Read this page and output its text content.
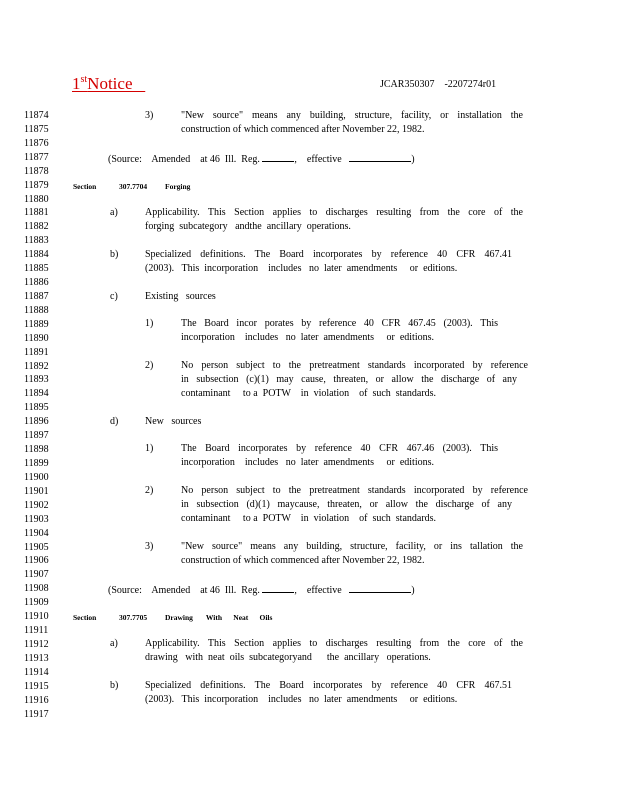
1stNotice	JCAR350307    -2207274r01
11874
11875
11876
11877
11878
11879
11880
11881
11882
11883
11884
11885
11886
11887
11888
11889
11890
11891
11892
11893
11894
11895
11896
11897
11898
11899
11900
11901
11902
11903
11904
11905
11906
11907
11908
11909
11910
11911
11912
11913
11914
11915
11916
11917
3)	"New source" means any building, structure, facility, or installation the
construction of which commenced after November 22, 1982.
(Source:    Amended    at 46  Ill.  Reg.	,    effective	)
Section	307.7704 Forging
a)	Applicability. This Section applies to discharges resulting from the core of the
forging  subcategory   andthe  ancillary  operations.
b)	Specialized definitions. The Board incorporates by reference 40 CFR 467.41
(2003).   This  incorporation    includes   no  later  amendments     or  editions.
c)	Existing   sources
1)	The Board incor porates by reference 40 CFR 467.45 (2003). This
incorporation    includes   no  later  amendments     or  editions.
2)	No person subject to the pretreatment standards incorporated by reference
in subsection (c)(1) may cause, threaten, or allow the discharge of any
contaminant     to a  POTW    in  violation    of  such  standards.
d)	New   sources
1)	The Board incorporates by reference 40 CFR 467.46 (2003). This
incorporation    includes   no  later  amendments     or  editions.
2)	No person subject to the pretreatment standards incorporated by reference
in subsection (d)(1) maycause, threaten, or allow the discharge of any
contaminant     to a  POTW    in  violation    of  such  standards.
3)	"New source" means any building, structure, facility, or ins tallation the
construction of which commenced after November 22, 1982.
(Source:    Amended    at 46  Ill.  Reg.	,    effective	)
Section	307.7705 Drawing       With      Neat      Oils
a)	Applicability. This Section applies to discharges resulting from the core of the
drawing   with  neat  oils  subcategoryand      the  ancillary   operations.
b)	Specialized definitions. The Board incorporates by reference 40 CFR 467.51
(2003).   This  incorporation    includes   no  later  amendments     or  editions.
